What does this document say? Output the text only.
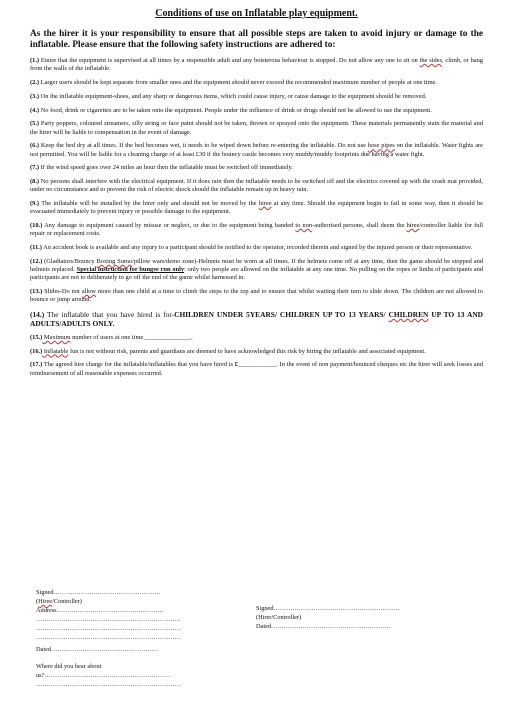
Conditions of use on Inflatable play equipment.
As the hirer it is your responsibility to ensure that all possible steps are taken to avoid injury or damage to the inflatable. Please ensure that the following safety instructions are adhered to:
(1.) Enure that the equipment is supervised at all times by a responsible adult and any boisterous behaviour is stopped. Do not allow any one to sit on the sides, climb, or hang from the walls of the inflatable.
(2.) Larger users should be kept separate from smaller ones and the equipment should never exceed the recommended maximum number of people at one time.
(3.) On the inflatable equipment-shoes, and any sharp or dangerous items, which could cause injury, or cause damage to the equipment should be removed.
(4.) No food, drink or cigarettes are to be taken onto the equipment. People under the influence of drink or drugs should not be allowed to use the equipment.
(5.) Party poppers, coloured streamers, silly string or face paint should not be taken, thrown or sprayed onto the equipment. These materials permanently stain the material and the hirer will be liable to compensation in the event of damage.
(6.) Keep the bed dry at all times. If the bed becomes wet, it needs to be wiped down before re-entering the inflatable. Do not use hose pipes on the inflatable. Water fights are not permitted. You will be liable for a cleaning charge of at least £30 if the bouncy castle becomes very muddy/muddy footprints due having a water fight.
(7.) If the wind speed goes over 24 miles an hour then the inflatable must be switched off immediately.
(8.) No persons shall interfere with the electrical equipment. If it does rain then the inflatable needs to be switched off and the electrics covered up with the crash mat provided, under no circumstance and to prevent the risk of electric shock should the inflatable remain up in heavy rain.
(9.) The inflatable will be installed by the hirer only and should not be moved by the hiree at any time. Should the equipment begin to fail in some way, then it should be evacuated immediately to prevent injury or possible damage to the equipment.
(10.) Any damage to equipment caused by misuse or neglect, or due to the equipment being handed to non-authorised persons, shall deem the hiree/controller liable for full repair or replacement costs.
(11.) An accident book is available and any injury to a participant should be notified to the operator, recorded therein and signed by the injured person or their representative.
(12.) (Gladiators/Bouncy Boxing Sumo/pillow wars/demo zone)-Helmets must be worn at all times. If the helmets come off at any time, then the game should be stopped and helmets replaced. Special instruction for bungee run only: only two people are allowed on the inflatable at any one time. No pulling on the ropes or limbs of participants and participants are not to deliberately to go off the end of the game whilst harnessed in.
(13.) Slides-Do not allow more than one child at a time to climb the steps to the top and to ensure that whilst waiting their turn to slide down. The children are not allowed to bounce or jump around.
(14.) The inflatable that you have hired is for-CHILDREN UNDER 5YEARS/ CHILDREN UP TO 13 YEARS/ CHILDREN UP TO 13 AND ADULTS/ADULTS ONLY.
(15.) Maximum number of users at one time_______________.
(16.) Inflatable fun is not without risk, parents and guardians are deemed to have acknowledged this risk by hiring the inflatable and associated equipment.
(17.) The agreed hire charge for the inflatable/inflatables that you have hired is £____________. In the event of non payment/bounced cheques etc the hirer will seek losses and reimbursement of all reasonable expenses occurred.
Signed……………………………………………
(Hiree/Controller)
Address……………………………………………
……………………………………………………………
……………………………………………………………
……………………………………………………………
Dated……………………………………………
Where did you hear about
us?……………………………………………………
……………………………………………………………
Signed……………………………………………………
(Hirer/Controller)
Dated…………………………………………………
